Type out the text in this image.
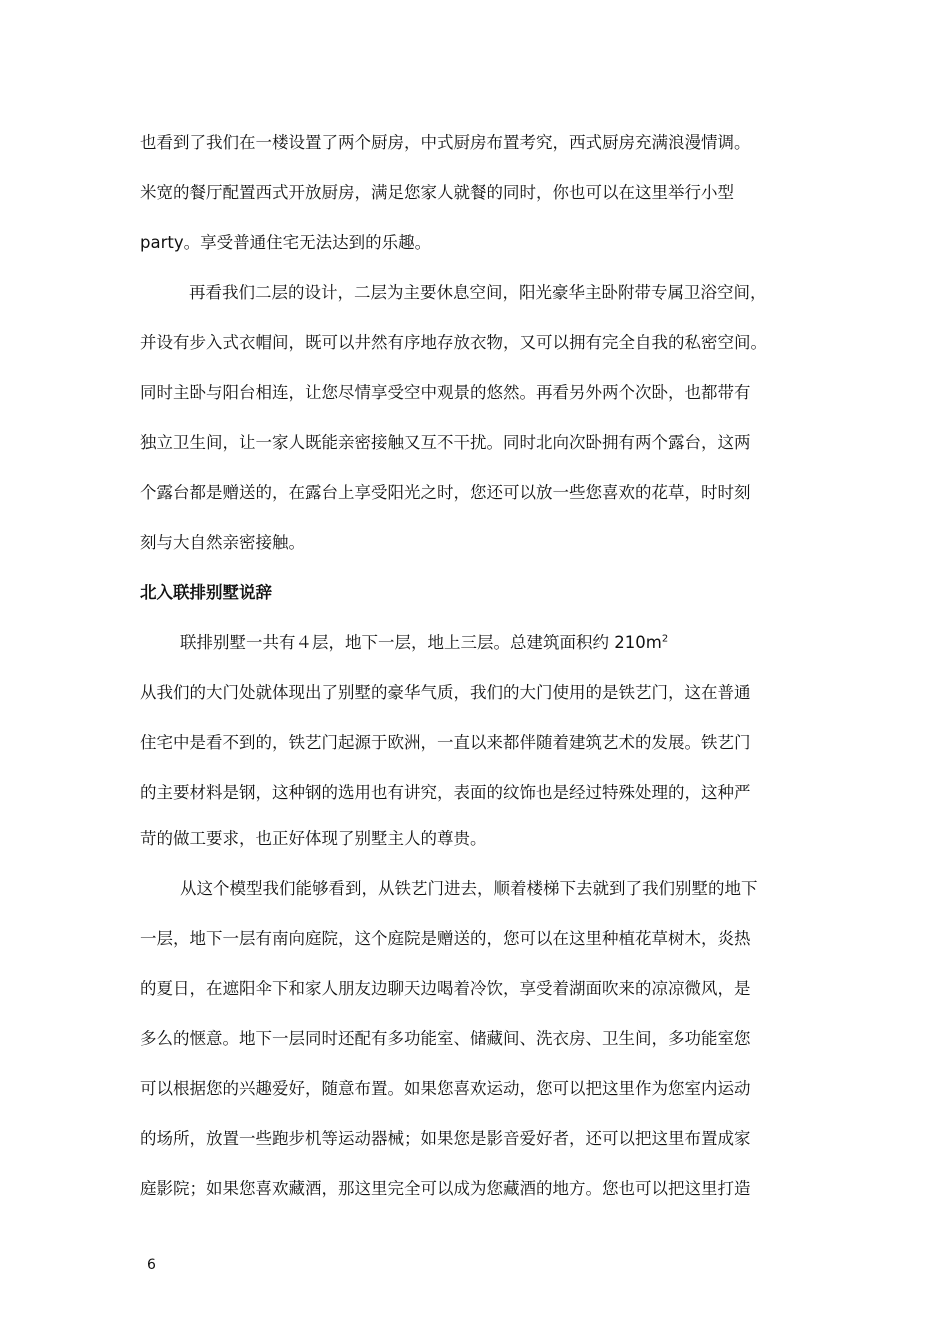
也看到了我们在一楼设置了两个厨房，中式厨房布置考究，西式厨房充满浪漫情调。
米宽的餐厅配置西式开放厨房，满足您家人就餐的同时，你也可以在这里举行小型
party。享受普通住宅无法达到的乐趣。
再看我们二层的设计，二层为主要休息空间，阳光豪华主卧附带专属卫浴空间，
并设有步入式衣帽间，既可以井然有序地存放衣物，又可以拥有完全自我的私密空间。
同时主卧与阳台相连，让您尽情享受空中观景的悠然。再看另外两个次卧，也都带有
独立卫生间，让一家人既能亲密接触又互不干扰。同时北向次卧拥有两个露台，这两
个露台都是赠送的，在露台上享受阳光之时，您还可以放一些您喜欢的花草，时时刻
刻与大自然亲密接触。
北入联排别墅说辞
联排别墅一共有４层，地下一层，地上三层。总建筑面积约 $210m^2$
从我们的大门处就体现出了别墅的豪华气质，我们的大门使用的是铁艺门，这在普通
住宅中是看不到的，铁艺门起源于欧洲，一直以来都伴随着建筑艺术的发展。铁艺门
的主要材料是钢，这种钢的选用也有讲究，表面的纹饰也是经过特殊处理的，这种严
苛的做工要求，也正好体现了别墅主人的尊贵。
从这个模型我们能够看到，从铁艺门进去，顺着楼梯下去就到了我们别墅的地下
一层，地下一层有南向庭院，这个庭院是赠送的，您可以在这里种植花草树木，炎热
的夏日，在遮阳伞下和家人朋友边聊天边喝着冷饮，享受着湖面吹来的凉凉微风，是
多么的惬意。地下一层同时还配有多功能室、储藏间、洗衣房、卫生间，多功能室您
可以根据您的兴趣爱好，随意布置。如果您喜欢运动，您可以把这里作为您室内运动
的场所，放置一些跑步机等运动器械；如果您是影音爱好者，还可以把这里布置成家
庭影院；如果您喜欢藏酒，那这里完全可以成为您藏酒的地方。您也可以把这里打造
6
